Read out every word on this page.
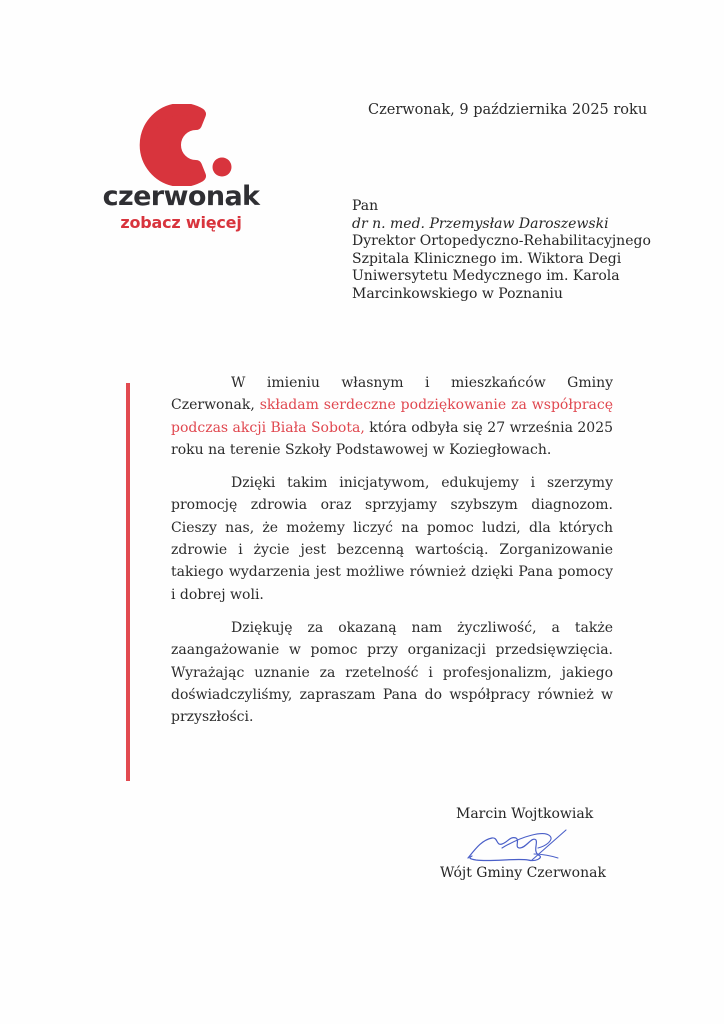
czerwonak
zobacz więcej
Czerwonak, 9 października 2025 roku
Pan
dr n. med. Przemysław Daroszewski
Dyrektor Ortopedyczno-Rehabilitacyjnego
Szpitala Klinicznego im. Wiktora Degi
Uniwersytetu Medycznego im. Karola
Marcinkowskiego w Poznaniu

W imieniu własnym i mieszkańców Gminy Czerwonak, składam serdeczne podziękowanie za współpracę podczas akcji Biała Sobota, która odbyła się 27 września 2025 roku na terenie Szkoły Podstawowej w Koziegłowach.

Dzięki takim inicjatywom, edukujemy i szerzymy promocję zdrowia oraz sprzyjamy szybszym diagnozom. Cieszy nas, że możemy liczyć na pomoc ludzi, dla których zdrowie i życie jest bezcenną wartością. Zorganizowanie takiego wydarzenia jest możliwe również dzięki Pana pomocy i dobrej woli.

Dziękuję za okazaną nam życzliwość, a także zaangażowanie w pomoc przy organizacji przedsięwzięcia. Wyrażając uznanie za rzetelność i profesjonalizm, jakiego doświadczyliśmy, zapraszam Pana do współpracy również w przyszłości.

Marcin Wojtkowiak
Wójt Gminy Czerwonak
